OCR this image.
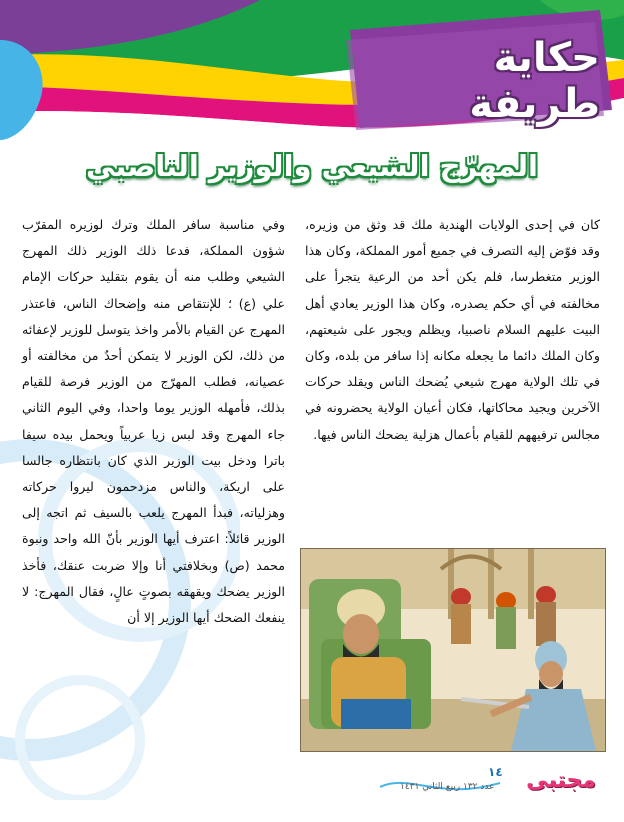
حكاية طريفة
المهرّج الشيعي والوزير الناصبي
كان في إحدى الولايات الهندية ملك قد وثق من وزيره، وقد فوّض إليه التصرف في جميع أمور المملكة، وكان هذا الوزير متغطرسا، فلم يكن أحد من الرعية يتجرأ على مخالفته في أي حكم يصدره، وكان هذا الوزير يعادي أهل البيت عليهم السلام ناصبيا، ويظلم ويجور على شيعتهم، وكان الملك دائما ما يجعله مكانه إذا سافر من بلده، وكان في تلك الولاية مهرج شيعي يُضحك الناس ويقلد حركات الآخرين ويجيد محاكاتها، فكان أعيان الولاية يحضرونه في مجالس ترفيههم للقيام بأعمال هزلية يضحك الناس فيها.
وفي مناسبة سافر الملك وترك لوزيره المقرّب شؤون المملكة، فدعا ذلك الوزير ذلك المهرج الشيعي وطلب منه أن يقوم بتقليد حركات الإمام علي (ع) ؛ للإنتقاص منه وإضحاك الناس، فاعتذر المهرج عن القيام بالأمر واخذ يتوسل للوزير لإعفائه من ذلك، لكن الوزير لا يتمكن أحدٌ من مخالفته أو عصيانه، فطلب المهرّج من الوزير فرصة للقيام بذلك، فأمهله الوزير يوما واحدا، وفي اليوم الثاني جاء المهرج وقد لبس زيا عربياً ويحمل بيده سيفا باترا ودخل بيت الوزير الذي كان بانتظاره جالسا على اريكة، والناس مزدحمون ليروا حركاته وهزلياته، فبدأ المهرج يلعب بالسيف ثم اتجه إلى الوزير قائلاً: اعترف أيها الوزير بأنّ الله واحد ونبوة محمد (ص) وبخلافتي أنا وإلا ضربت عنقك، فأخذ الوزير يضحك ويقهقه بصوتٍ عالٍ، فقال المهرج: لا ينفعك الضحك أيها الوزير إلا أن
١٤
عدد ١٣٢ ربيع الثاني ١٤٣١	مجتبى
